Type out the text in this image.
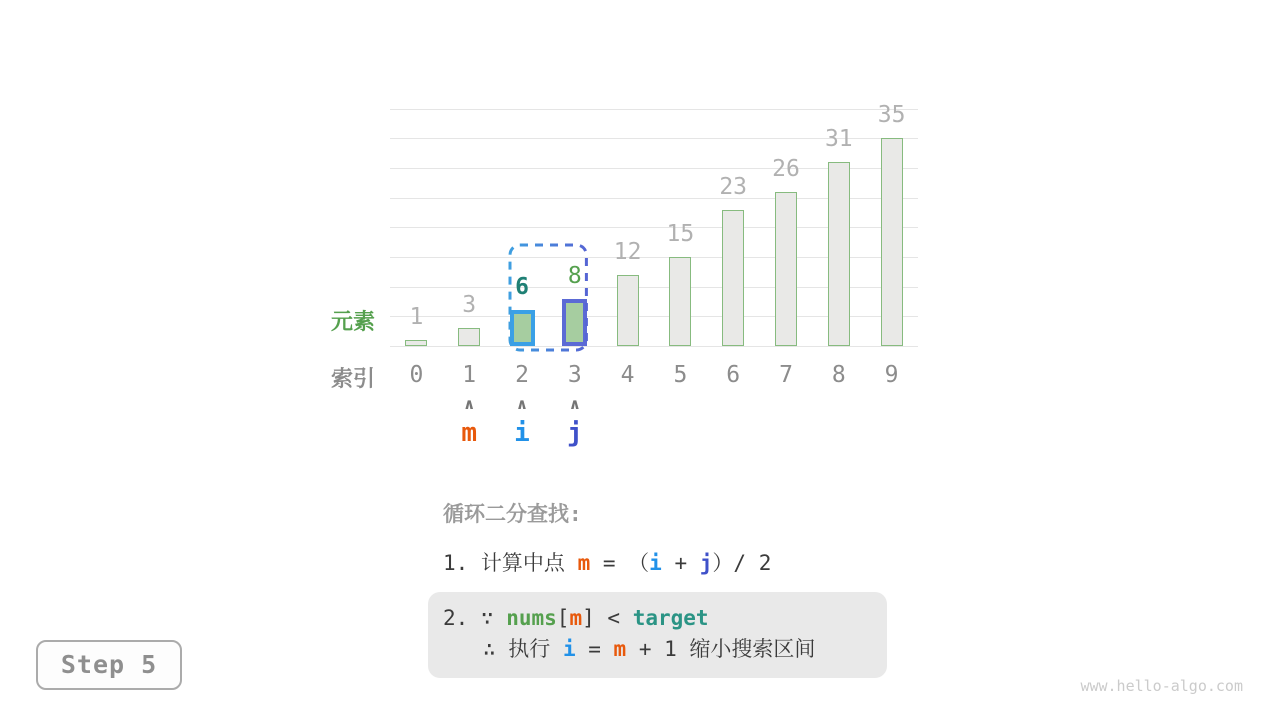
1	3
6	8
12
15
23
26
31
35
0	1	2	3	4	5	6	7	8	9
∧
m
∧
i
∧
j
元素
索引
循环二分查找:
1. 计算中点 m = （i + j）/ 2
2. ∵ nums[m] < target
∴ 执行 i = m + 1 缩小搜索区间
Step 5
www.hello-algo.com
